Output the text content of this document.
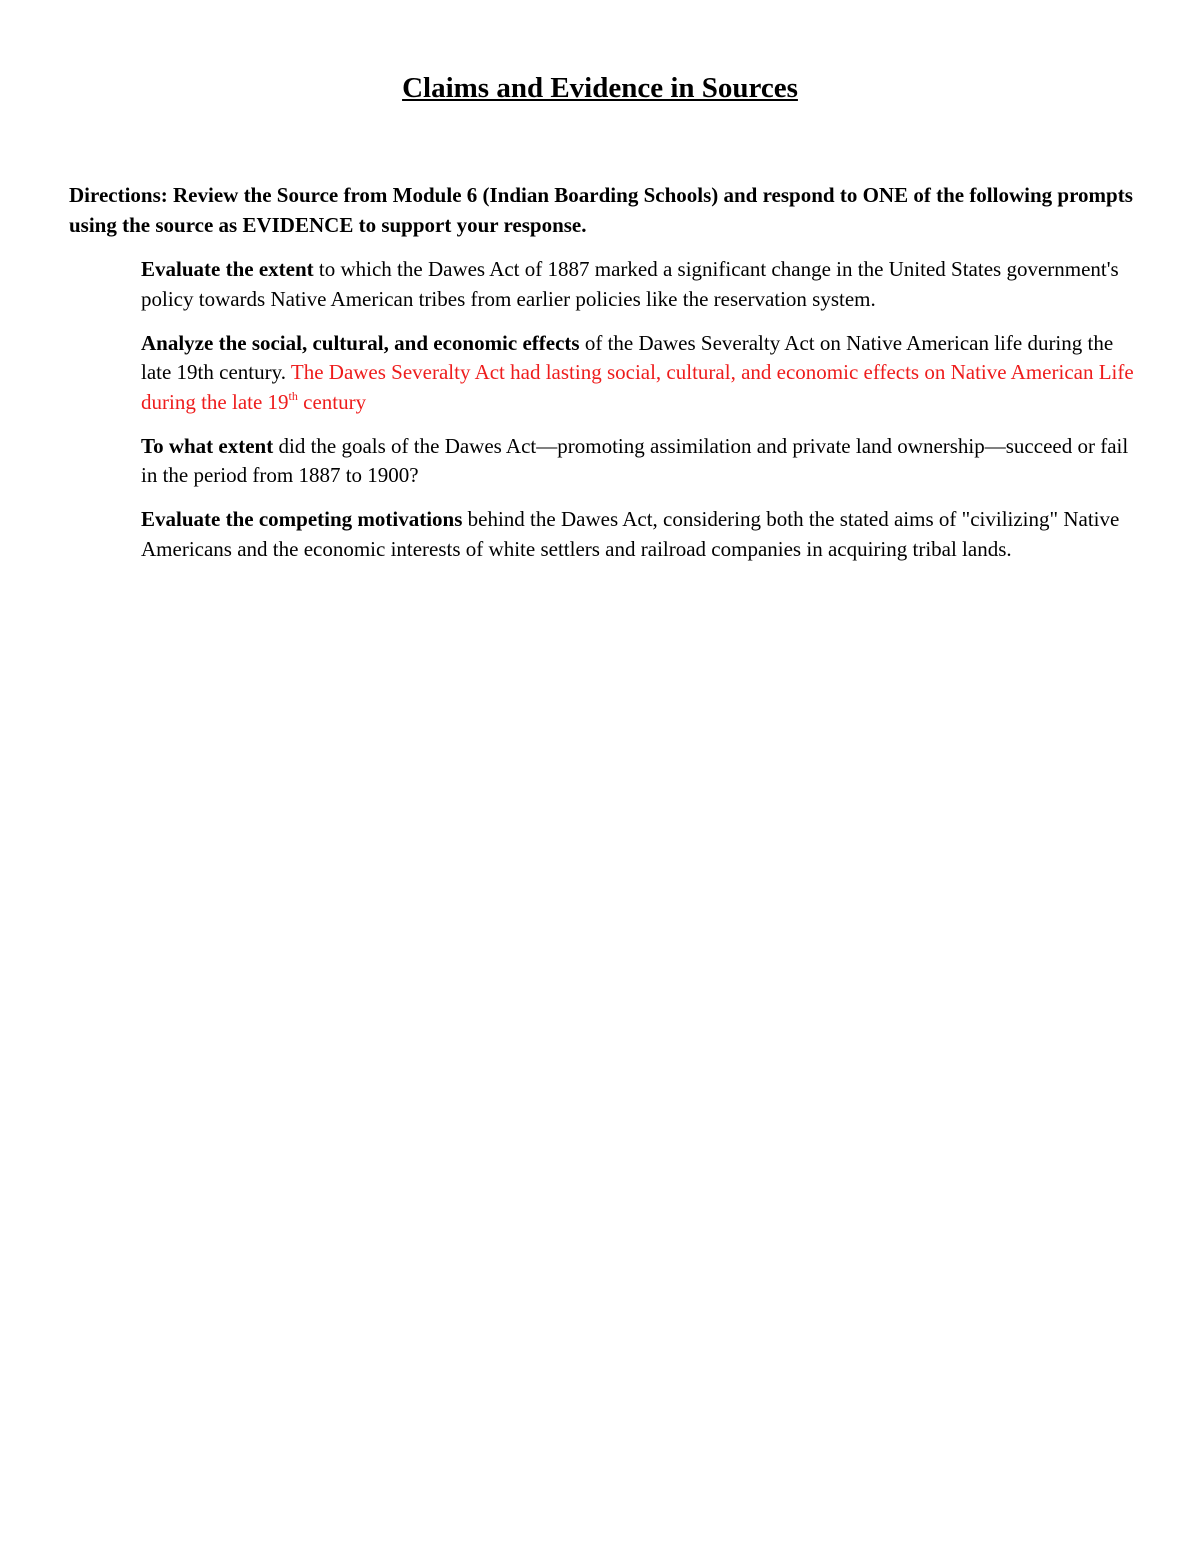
Claims and Evidence in Sources

Directions: Review the Source from Module 6 (Indian Boarding Schools) and respond to ONE of the following prompts using the source as EVIDENCE to support your response.

Evaluate the extent to which the Dawes Act of 1887 marked a significant change in the United States government's policy towards Native American tribes from earlier policies like the reservation system.
Analyze the social, cultural, and economic effects of the Dawes Severalty Act on Native American life during the late 19th century. The Dawes Severalty Act had lasting social, cultural, and economic effects on Native American Life during the late 19th century
To what extent did the goals of the Dawes Act—promoting assimilation and private land ownership—succeed or fail in the period from 1887 to 1900?
Evaluate the competing motivations behind the Dawes Act, considering both the stated aims of "civilizing" Native Americans and the economic interests of white settlers and railroad companies in acquiring tribal lands.
